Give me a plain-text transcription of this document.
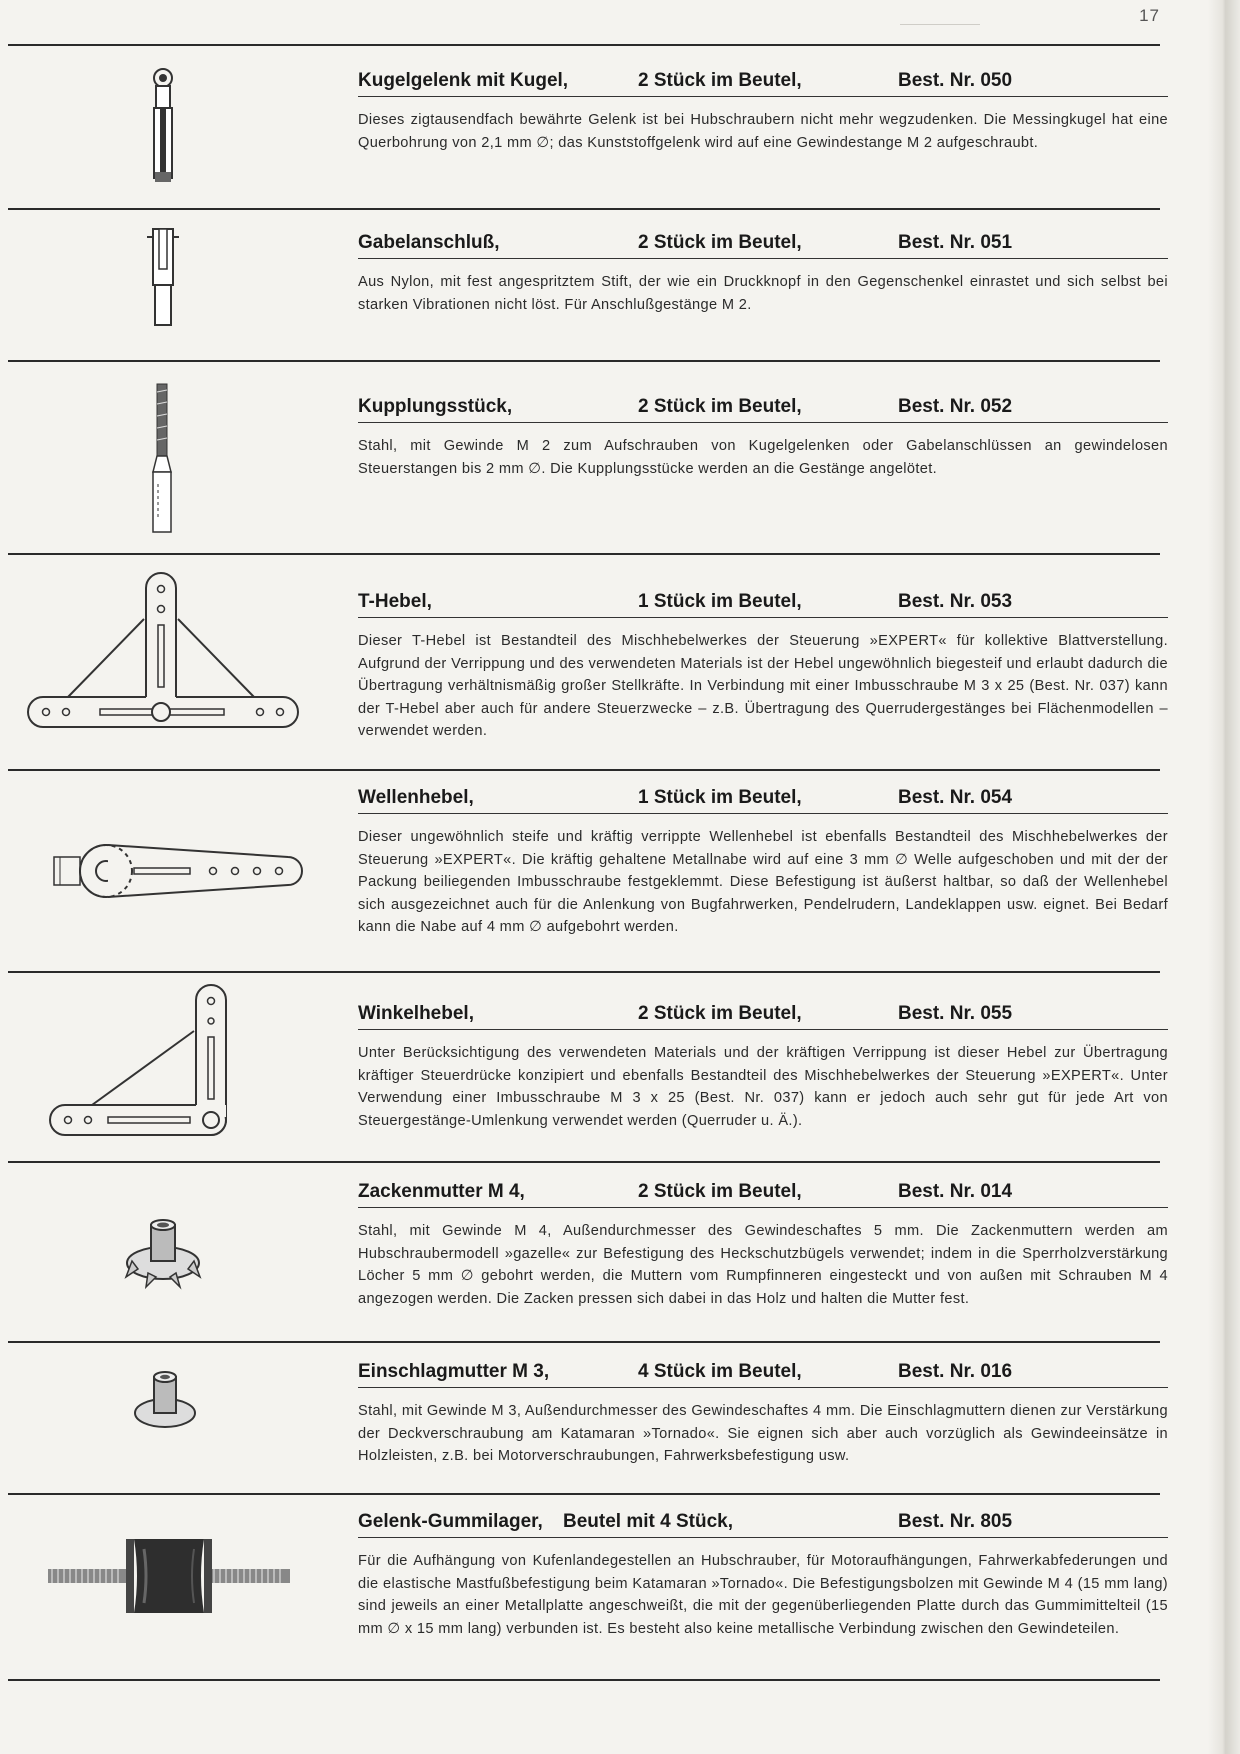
17
Kugelgelenk mit Kugel,	2 Stück im Beutel,	Best. Nr. 050

Dieses zigtausendfach bewährte Gelenk ist bei Hubschraubern nicht mehr wegzudenken. Die Messingkugel hat eine Querbohrung von 2,1 mm ∅; das Kunststoffgelenk wird auf eine Gewindestange M 2 aufgeschraubt.

Gabelanschluß,	2 Stück im Beutel,	Best. Nr. 051

Aus Nylon, mit fest angespritztem Stift, der wie ein Druckknopf in den Gegenschenkel einrastet und sich selbst bei starken Vibrationen nicht löst. Für Anschlußgestänge M 2.

Kupplungsstück,	2 Stück im Beutel,	Best. Nr. 052

Stahl, mit Gewinde M 2 zum Aufschrauben von Kugelgelenken oder Gabelanschlüssen an gewindelosen Steuerstangen bis 2 mm ∅. Die Kupplungsstücke werden an die Gestänge angelötet.

T-Hebel,	1 Stück im Beutel,	Best. Nr. 053

Dieser T-Hebel ist Bestandteil des Mischhebelwerkes der Steuerung »EXPERT« für kollektive Blattverstellung. Aufgrund der Verrippung und des verwendeten Materials ist der Hebel ungewöhnlich biegesteif und erlaubt dadurch die Übertragung verhältnismäßig großer Stellkräfte. In Verbindung mit einer Imbusschraube M 3 x 25 (Best. Nr. 037) kann der T-Hebel aber auch für andere Steuerzwecke – z.B. Übertragung des Querrudergestänges bei Flächenmodellen – verwendet werden.

Wellenhebel,	1 Stück im Beutel,	Best. Nr. 054

Dieser ungewöhnlich steife und kräftig verrippte Wellenhebel ist ebenfalls Bestandteil des Mischhebelwerkes der Steuerung »EXPERT«. Die kräftig gehaltene Metallnabe wird auf eine 3 mm ∅ Welle aufgeschoben und mit der der Packung beiliegenden Imbusschraube festgeklemmt. Diese Befestigung ist äußerst haltbar, so daß der Wellenhebel sich ausgezeichnet auch für die Anlenkung von Bugfahrwerken, Pendelrudern, Landeklappen usw. eignet. Bei Bedarf kann die Nabe auf 4 mm ∅ aufgebohrt werden.

Winkelhebel,	2 Stück im Beutel,	Best. Nr. 055

Unter Berücksichtigung des verwendeten Materials und der kräftigen Verrippung ist dieser Hebel zur Übertragung kräftiger Steuerdrücke konzipiert und ebenfalls Bestandteil des Mischhebelwerkes der Steuerung »EXPERT«. Unter Verwendung einer Imbusschraube M 3 x 25 (Best. Nr. 037) kann er jedoch auch sehr gut für jede Art von Steuergestänge-Umlenkung verwendet werden (Querruder u. Ä.).

Zackenmutter M 4,	2 Stück im Beutel,	Best. Nr. 014

Stahl, mit Gewinde M 4, Außendurchmesser des Gewindeschaftes 5 mm. Die Zackenmuttern werden am Hubschraubermodell »gazelle« zur Befestigung des Heckschutzbügels verwendet; indem in die Sperrholzverstärkung Löcher 5 mm ∅ gebohrt werden, die Muttern vom Rumpfinneren eingesteckt und von außen mit Schrauben M 4 angezogen werden. Die Zacken pressen sich dabei in das Holz und halten die Mutter fest.

Einschlagmutter M 3,	4 Stück im Beutel,	Best. Nr. 016

Stahl, mit Gewinde M 3, Außendurchmesser des Gewindeschaftes 4 mm. Die Einschlagmuttern dienen zur Verstärkung der Deckverschraubung am Katamaran »Tornado«. Sie eignen sich aber auch vorzüglich als Gewindeeinsätze in Holzleisten, z.B. bei Motorverschraubungen, Fahrwerksbefestigung usw.

Gelenk-Gummilager, Beutel mit 4 Stück,	Best. Nr. 805

Für die Aufhängung von Kufenlandegestellen an Hubschrauber, für Motoraufhängungen, Fahrwerkabfederungen und die elastische Mastfußbefestigung beim Katamaran »Tornado«. Die Befestigungsbolzen mit Gewinde M 4 (15 mm lang) sind jeweils an einer Metallplatte angeschweißt, die mit der gegenüberliegenden Platte durch das Gummimittelteil (15 mm ∅ x 15 mm lang) verbunden ist. Es besteht also keine metallische Verbindung zwischen den Gewindeteilen.
